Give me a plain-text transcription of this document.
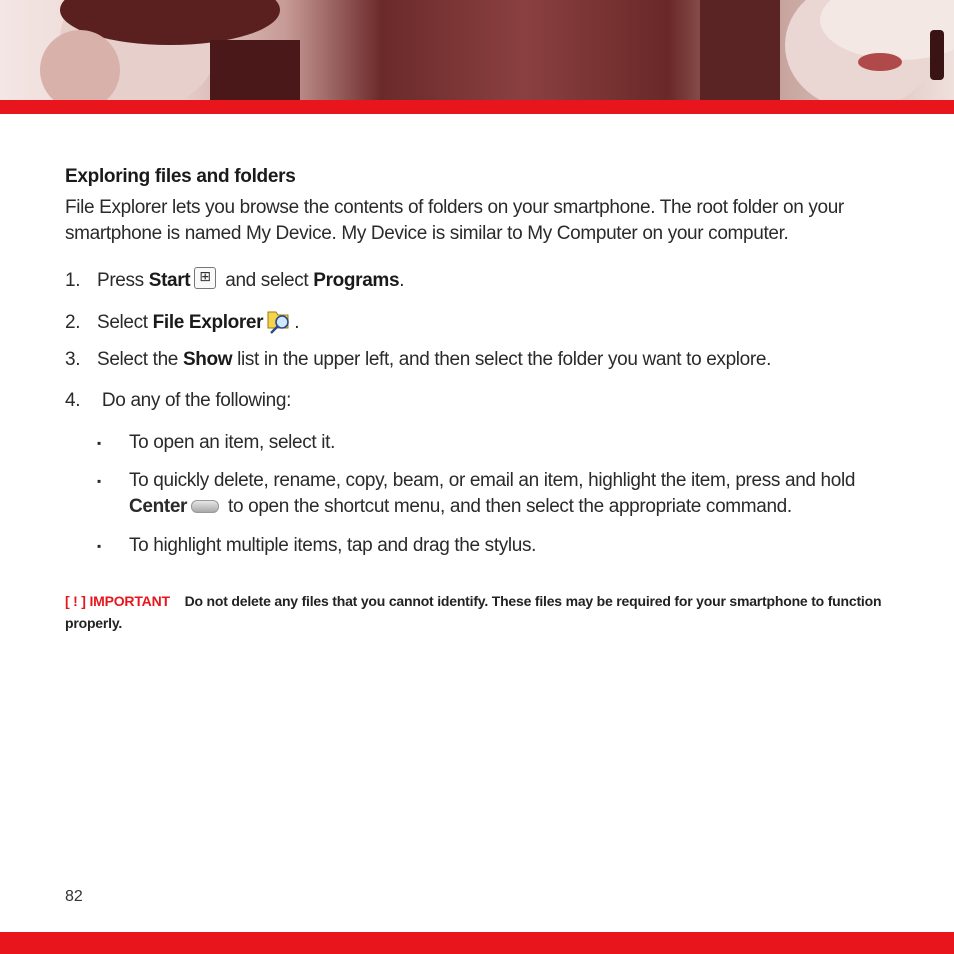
Exploring files and folders

File Explorer lets you browse the contents of folders on your smartphone. The root folder on your smartphone is named My Device. My Device is similar to My Computer on your computer.

1. Press Start⊞ and select Programs.
2. Select File Explorer .
3. Select the Show list in the upper left, and then select the folder you want to explore.
4. Do any of the following:
▪ To open an item, select it.
▪ To quickly delete, rename, copy, beam, or email an item, highlight the item, press and hold Center to open the shortcut menu, and then select the appropriate command.
▪ To highlight multiple items, tap and drag the stylus.

[ ! ] IMPORTANT Do not delete any files that you cannot identify. These files may be required for your smartphone to function properly.

82
